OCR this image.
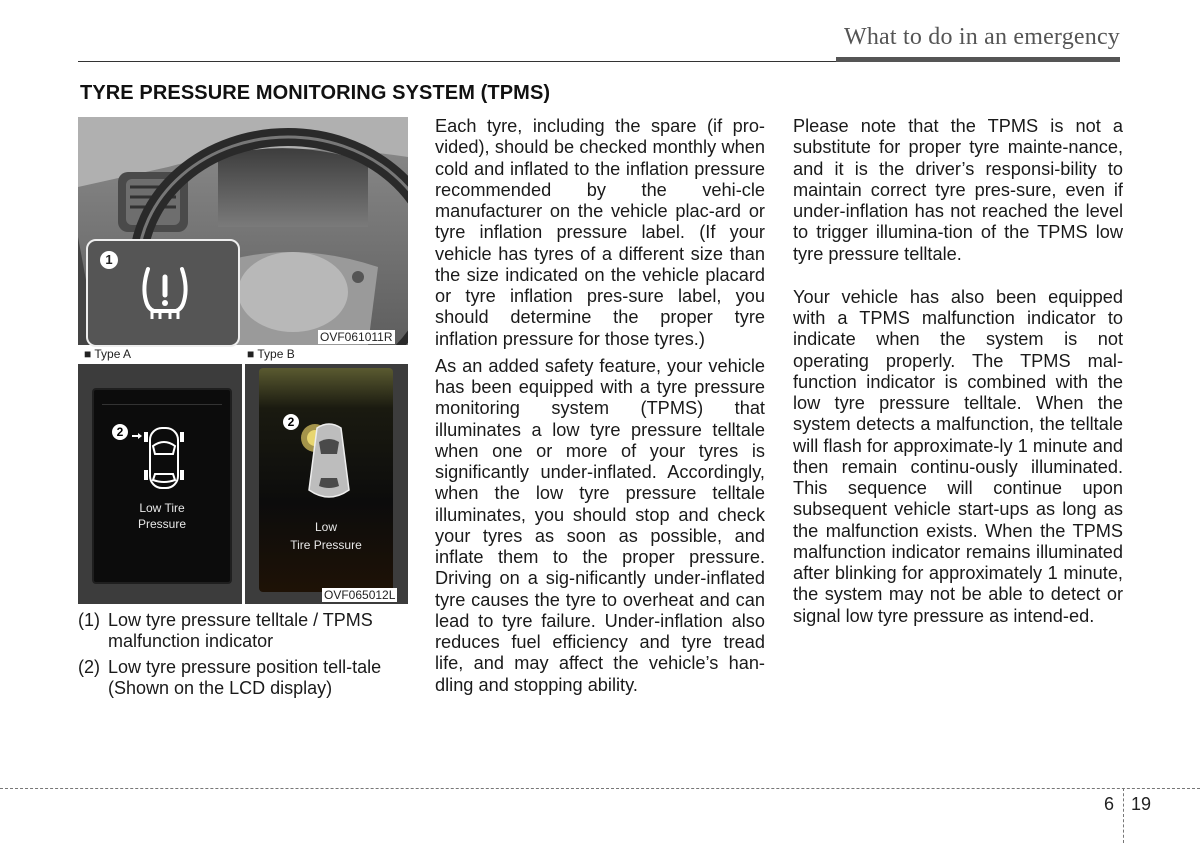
What to do in an emergency
TYRE PRESSURE MONITORING SYSTEM (TPMS)
1
OVF061011R
■ Type A	■ Type B
2
Low Tire
Pressure
2
Low
Tire Pressure
OVF065012L
(1) Low tyre pressure telltale / TPMS malfunction indicator
(2) Low tyre pressure position tell-tale (Shown on the LCD display)

Each tyre, including the spare (if pro-vided), should be checked monthly when cold and inflated to the inflation pressure recommended by the vehi-cle manufacturer on the vehicle plac-ard or tyre inflation pressure label. (If your vehicle has tyres of a different size than the size indicated on the vehicle placard or tyre inflation pres-sure label, you should determine the proper tyre inflation pressure for those tyres.)

As an added safety feature, your vehicle has been equipped with a tyre pressure monitoring system (TPMS) that illuminates a low tyre pressure telltale when one or more of your tyres is significantly under-inflated. Accordingly, when the low tyre pressure telltale illuminates, you should stop and check your tyres as soon as possible, and inflate them to the proper pressure. Driving on a sig-nificantly under-inflated tyre causes the tyre to overheat and can lead to tyre failure. Under-inflation also reduces fuel efficiency and tyre tread life, and may affect the vehicle’s han-dling and stopping ability.

Please note that the TPMS is not a substitute for proper tyre mainte-nance, and it is the driver’s responsi-bility to maintain correct tyre pres-sure, even if under-inflation has not reached the level to trigger illumina-tion of the TPMS low tyre pressure telltale.

Your vehicle has also been equipped with a TPMS malfunction indicator to indicate when the system is not operating properly. The TPMS mal-function indicator is combined with the low tyre pressure telltale. When the system detects a malfunction, the telltale will flash for approximate-ly 1 minute and then remain continu-ously illuminated. This sequence will continue upon subsequent vehicle start-ups as long as the malfunction exists. When the TPMS malfunction indicator remains illuminated after blinking for approximately 1 minute, the system may not be able to detect or signal low tyre pressure as intend-ed.

6 19
